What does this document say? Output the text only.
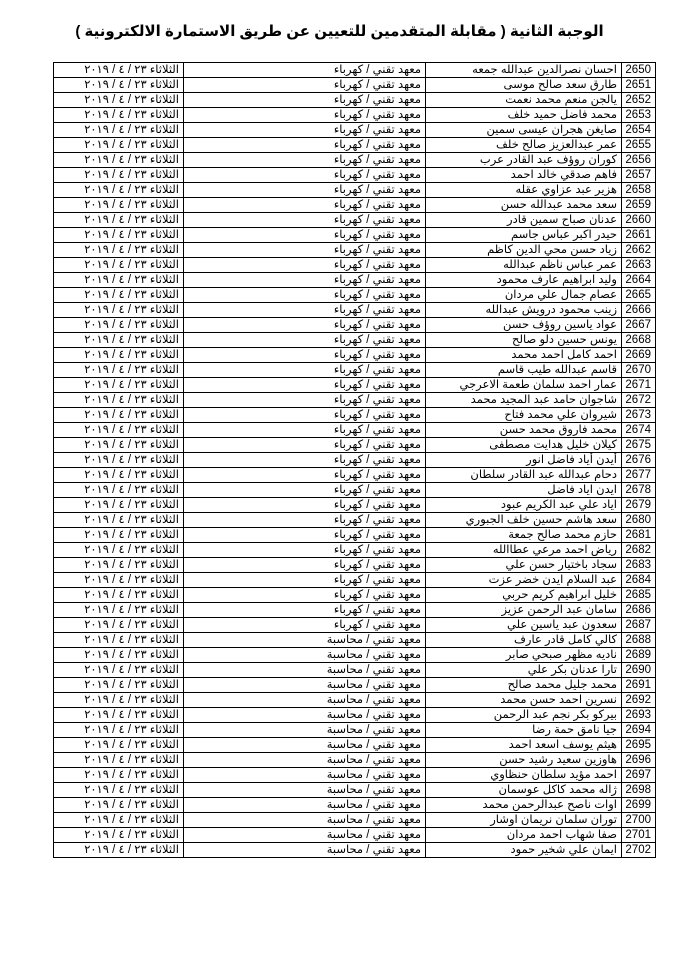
الوجبة الثانية ( مقابلة المتقدمين للتعيين عن طريق الاستمارة الالكترونية )
2650	احسان نصرالدين عبدالله جمعه	معهد تقني / كهرباء	الثلاثاء ٢٣ / ٤ / ٢٠١٩
2651	طارق سعد صالح موسى	معهد تقني / كهرباء	الثلاثاء ٢٣ / ٤ / ٢٠١٩
2652	يالجن منعم محمد نعمت	معهد تقني / كهرباء	الثلاثاء ٢٣ / ٤ / ٢٠١٩
2653	محمد فاضل حميد خلف	معهد تقني / كهرباء	الثلاثاء ٢٣ / ٤ / ٢٠١٩
2654	صايغن هجران عيسى سمين	معهد تقني / كهرباء	الثلاثاء ٢٣ / ٤ / ٢٠١٩
2655	عمر عبدالعزيز صالح خلف	معهد تقني / كهرباء	الثلاثاء ٢٣ / ٤ / ٢٠١٩
2656	كوران روؤف عبد القادر عرب	معهد تقني / كهرباء	الثلاثاء ٢٣ / ٤ / ٢٠١٩
2657	فاهم صدقي خالد احمد	معهد تقني / كهرباء	الثلاثاء ٢٣ / ٤ / ٢٠١٩
2658	هزير عبد عزاوي عقله	معهد تقني / كهرباء	الثلاثاء ٢٣ / ٤ / ٢٠١٩
2659	سعد محمد عبدالله حسن	معهد تقني / كهرباء	الثلاثاء ٢٣ / ٤ / ٢٠١٩
2660	عدنان صباح سمين قادر	معهد تقني / كهرباء	الثلاثاء ٢٣ / ٤ / ٢٠١٩
2661	حيدر اكبر عباس جاسم	معهد تقني / كهرباء	الثلاثاء ٢٣ / ٤ / ٢٠١٩
2662	زياد حسن محي الدين كاظم	معهد تقني / كهرباء	الثلاثاء ٢٣ / ٤ / ٢٠١٩
2663	عمر عباس ناظم عبدالله	معهد تقني / كهرباء	الثلاثاء ٢٣ / ٤ / ٢٠١٩
2664	وليد ابراهيم عارف محمود	معهد تقني / كهرباء	الثلاثاء ٢٣ / ٤ / ٢٠١٩
2665	عصام جمال علي مردان	معهد تقني / كهرباء	الثلاثاء ٢٣ / ٤ / ٢٠١٩
2666	زينب محمود درويش عبدالله	معهد تقني / كهرباء	الثلاثاء ٢٣ / ٤ / ٢٠١٩
2667	عواد ياسين روؤف حسن	معهد تقني / كهرباء	الثلاثاء ٢٣ / ٤ / ٢٠١٩
2668	يونس حسين دلو صالح	معهد تقني / كهرباء	الثلاثاء ٢٣ / ٤ / ٢٠١٩
2669	احمد كامل احمد محمد	معهد تقني / كهرباء	الثلاثاء ٢٣ / ٤ / ٢٠١٩
2670	قاسم عبدالله طيب قاسم	معهد تقني / كهرباء	الثلاثاء ٢٣ / ٤ / ٢٠١٩
2671	عمار احمد سلمان طعمة الاعرجي	معهد تقني / كهرباء	الثلاثاء ٢٣ / ٤ / ٢٠١٩
2672	شاجوان حامد عبد المجيد محمد	معهد تقني / كهرباء	الثلاثاء ٢٣ / ٤ / ٢٠١٩
2673	شيروان علي محمد فتاح	معهد تقني / كهرباء	الثلاثاء ٢٣ / ٤ / ٢٠١٩
2674	محمد فاروق محمد حسن	معهد تقني / كهرباء	الثلاثاء ٢٣ / ٤ / ٢٠١٩
2675	كيلان خليل هدايت مصطفى	معهد تقني / كهرباء	الثلاثاء ٢٣ / ٤ / ٢٠١٩
2676	أيدن أياد فاضل انور	معهد تقني / كهرباء	الثلاثاء ٢٣ / ٤ / ٢٠١٩
2677	دحام عبدالله عبد القادر سلطان	معهد تقني / كهرباء	الثلاثاء ٢٣ / ٤ / ٢٠١٩
2678	ايدن اياد فاضل	معهد تقني / كهرباء	الثلاثاء ٢٣ / ٤ / ٢٠١٩
2679	اياد علي عبد الكريم عبود	معهد تقني / كهرباء	الثلاثاء ٢٣ / ٤ / ٢٠١٩
2680	سعد هاشم حسين خلف الجبوري	معهد تقني / كهرباء	الثلاثاء ٢٣ / ٤ / ٢٠١٩
2681	حازم محمد صالح جمعة	معهد تقني / كهرباء	الثلاثاء ٢٣ / ٤ / ٢٠١٩
2682	رياض احمد مرعي عطاالله	معهد تقني / كهرباء	الثلاثاء ٢٣ / ٤ / ٢٠١٩
2683	سجاد باختيار حسن علي	معهد تقني / كهرباء	الثلاثاء ٢٣ / ٤ / ٢٠١٩
2684	عبد السلام ايدن خضر عزت	معهد تقني / كهرباء	الثلاثاء ٢٣ / ٤ / ٢٠١٩
2685	خليل ابراهيم كريم حربي	معهد تقني / كهرباء	الثلاثاء ٢٣ / ٤ / ٢٠١٩
2686	سامان عبد الرحمن عزيز	معهد تقني / كهرباء	الثلاثاء ٢٣ / ٤ / ٢٠١٩
2687	سعدون عبد ياسين علي	معهد تقني / كهرباء	الثلاثاء ٢٣ / ٤ / ٢٠١٩
2688	كالي كامل قادر عارف	معهد تقني / محاسبة	الثلاثاء ٢٣ / ٤ / ٢٠١٩
2689	ناديه مظهر صبحي صابر	معهد تقني / محاسبة	الثلاثاء ٢٣ / ٤ / ٢٠١٩
2690	تارا عدنان بكر علي	معهد تقني / محاسبة	الثلاثاء ٢٣ / ٤ / ٢٠١٩
2691	محمد جليل محمد صالح	معهد تقني / محاسبة	الثلاثاء ٢٣ / ٤ / ٢٠١٩
2692	نسرين احمد حسن محمد	معهد تقني / محاسبة	الثلاثاء ٢٣ / ٤ / ٢٠١٩
2693	بيركو بكر نجم عبد الرحمن	معهد تقني / محاسبة	الثلاثاء ٢٣ / ٤ / ٢٠١٩
2694	جيا نامق حمة رضا	معهد تقني / محاسبة	الثلاثاء ٢٣ / ٤ / ٢٠١٩
2695	هيثم يوسف اسعد احمد	معهد تقني / محاسبة	الثلاثاء ٢٣ / ٤ / ٢٠١٩
2696	هاوزين سعيد رشيد حسن	معهد تقني / محاسبة	الثلاثاء ٢٣ / ٤ / ٢٠١٩
2697	احمد مؤيد سلطان حنظاوي	معهد تقني / محاسبة	الثلاثاء ٢٣ / ٤ / ٢٠١٩
2698	ژاله محمد كاكل عوسمان	معهد تقني / محاسبة	الثلاثاء ٢٣ / ٤ / ٢٠١٩
2699	اوات ناصح عبدالرحمن محمد	معهد تقني / محاسبة	الثلاثاء ٢٣ / ٤ / ٢٠١٩
2700	توران سلمان نريمان اوشار	معهد تقني / محاسبة	الثلاثاء ٢٣ / ٤ / ٢٠١٩
2701	صفا شهاب احمد مردان	معهد تقني / محاسبة	الثلاثاء ٢٣ / ٤ / ٢٠١٩
2702	ايمان علي شخير حمود	معهد تقني / محاسبة	الثلاثاء ٢٣ / ٤ / ٢٠١٩
